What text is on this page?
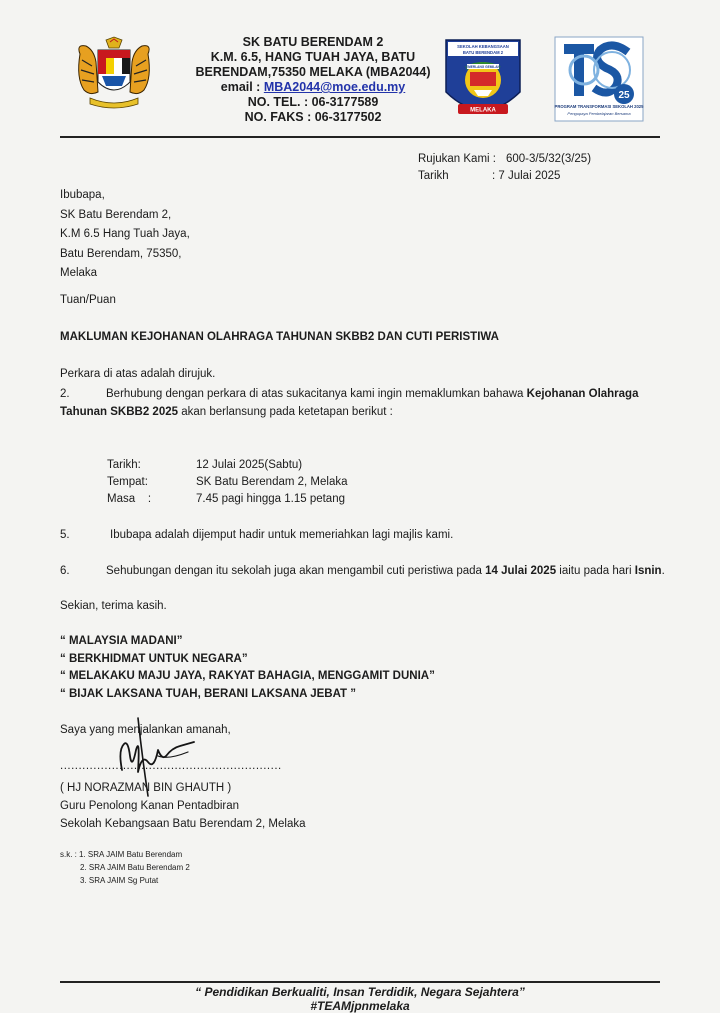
SK BATU BERENDAM 2
K.M. 6.5, HANG TUAH JAYA, BATU
BERENDAM,75350 MELAKA (MBA2044)
email : MBA2044@moe.edu.my
NO. TEL. : 06-3177589
NO. FAKS : 06-3177502
SEKOLAH KEBANGSAAN
BATU BERENDAM 2
CEMERLANG GEMILANG
MELAKA
25
PROGRAM TRANSFORMASI SEKOLAH 2025
Pengupaya Pembelajaran Bersama
Rujukan Kami : 600-3/5/32(3/25)
Tarikh	: 7 Julai 2025
Ibubapa,
SK Batu Berendam 2,
K.M 6.5 Hang Tuah Jaya,
Batu Berendam, 75350,
Melaka
Tuan/Puan
MAKLUMAN KEJOHANAN OLAHRAGA TAHUNAN SKBB2 DAN CUTI PERISTIWA
Perkara di atas adalah dirujuk.
2.	Berhubung dengan perkara di atas sukacitanya kami ingin memaklumkan bahawa Kejohanan Olahraga
Tahunan SKBB2 2025 akan berlansung pada ketetapan berikut :
Tarikh:	12 Julai 2025(Sabtu)
Tempat:	SK Batu Berendam 2, Melaka
Masa    :	7.45 pagi hingga 1.15 petang
5.	Ibubapa adalah dijemput hadir untuk memeriahkan lagi majlis kami.
6.	Sehubungan dengan itu sekolah juga akan mengambil cuti peristiwa pada 14 Julai 2025 iaitu pada hari Isnin.
Sekian, terima kasih.
“ MALAYSIA MADANI”
“ BERKHIDMAT UNTUK NEGARA”
“ MELAKAKU MAJU JAYA, RAKYAT BAHAGIA, MENGGAMIT DUNIA”
“ BIJAK LAKSANA TUAH, BERANI LAKSANA JEBAT ”
Saya yang menjalankan amanah,
............................................................
( HJ NORAZMAN BIN GHAUTH )
Guru Penolong Kanan Pentadbiran
Sekolah Kebangsaan Batu Berendam 2, Melaka
s.k. : 1. SRA JAIM Batu Berendam
2. SRA JAIM Batu Berendam 2
3. SRA JAIM Sg Putat
“ Pendidikan Berkualiti, Insan Terdidik, Negara Sejahtera”
#TEAMjpnmelaka
